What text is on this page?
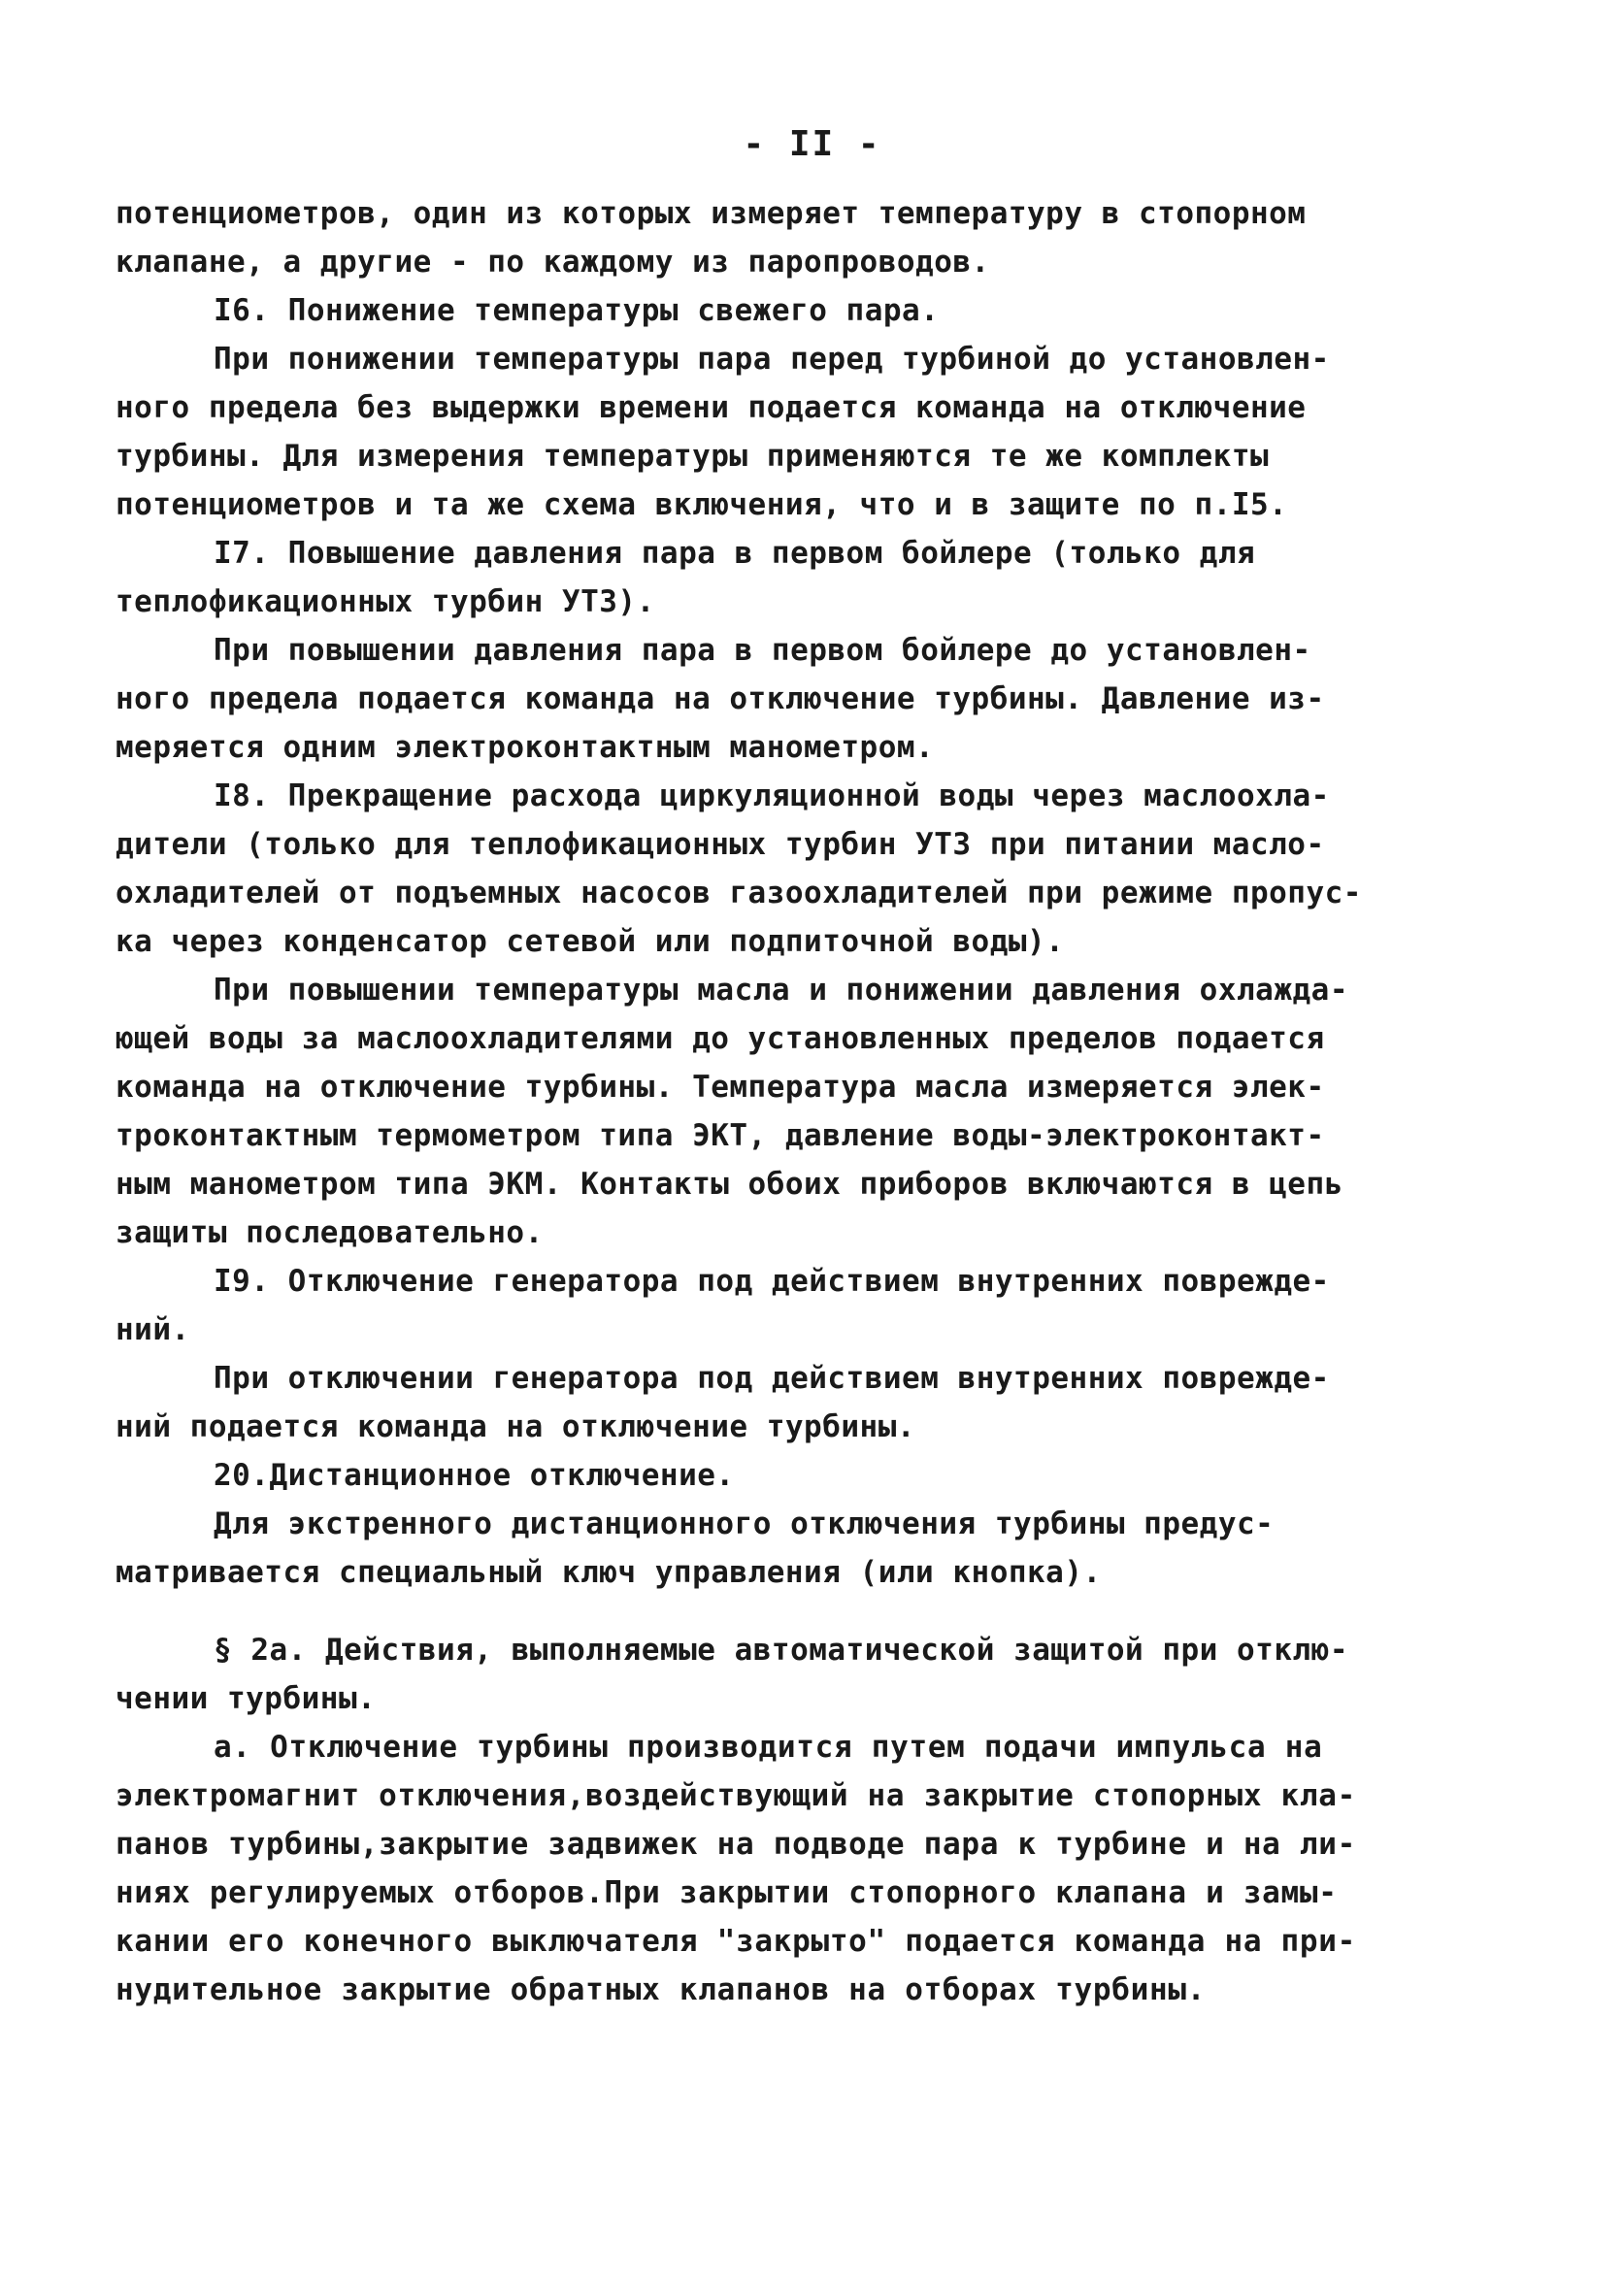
- II -
потенциометров, один из которых измеряет температуру в стопорном
клапане, а другие - по каждому из паропроводов.
I6. Понижение температуры свежего пара.
При понижении температуры пара перед турбиной до установлен-
ного предела без выдержки времени подается команда на отключение
турбины. Для измерения температуры применяются те же комплекты
потенциометров и та же схема включения, что и в защите по п.I5.
I7. Повышение давления пара в первом бойлере (только для
теплофикационных турбин УТЗ).
При повышении давления пара в первом бойлере до установлен-
ного предела подается команда на отключение турбины. Давление из-
меряется одним электроконтактным манометром.
I8. Прекращение расхода циркуляционной воды через маслоохла-
дители (только для теплофикационных турбин УТЗ при питании масло-
охладителей от подъемных насосов газоохладителей при режиме пропус-
ка через конденсатор сетевой или подпиточной воды).
При повышении температуры масла и понижении давления охлажда-
ющей воды за маслоохладителями до установленных пределов подается
команда на отключение турбины. Температура масла измеряется элек-
троконтактным термометром типа ЭКТ, давление воды-электроконтакт-
ным манометром типа ЭКМ. Контакты обоих приборов включаются в цепь
защиты последовательно.
I9. Отключение генератора под действием внутренних поврежде-
ний.
При отключении генератора под действием внутренних поврежде-
ний подается команда на отключение турбины.
20.Дистанционное отключение.
Для экстренного дистанционного отключения турбины предус-
матривается специальный ключ управления (или кнопка).
§ 2а. Действия, выполняемые автоматической защитой при отклю-
чении турбины.
а. Отключение турбины производится путем подачи импульса на
электромагнит отключения,воздействующий на закрытие стопорных кла-
панов турбины,закрытие задвижек на подводе пара к турбине и на ли-
ниях регулируемых отборов.При закрытии стопорного клапана и замы-
кании его конечного выключателя "закрыто" подается команда на при-
нудительное закрытие обратных клапанов на отборах турбины.
